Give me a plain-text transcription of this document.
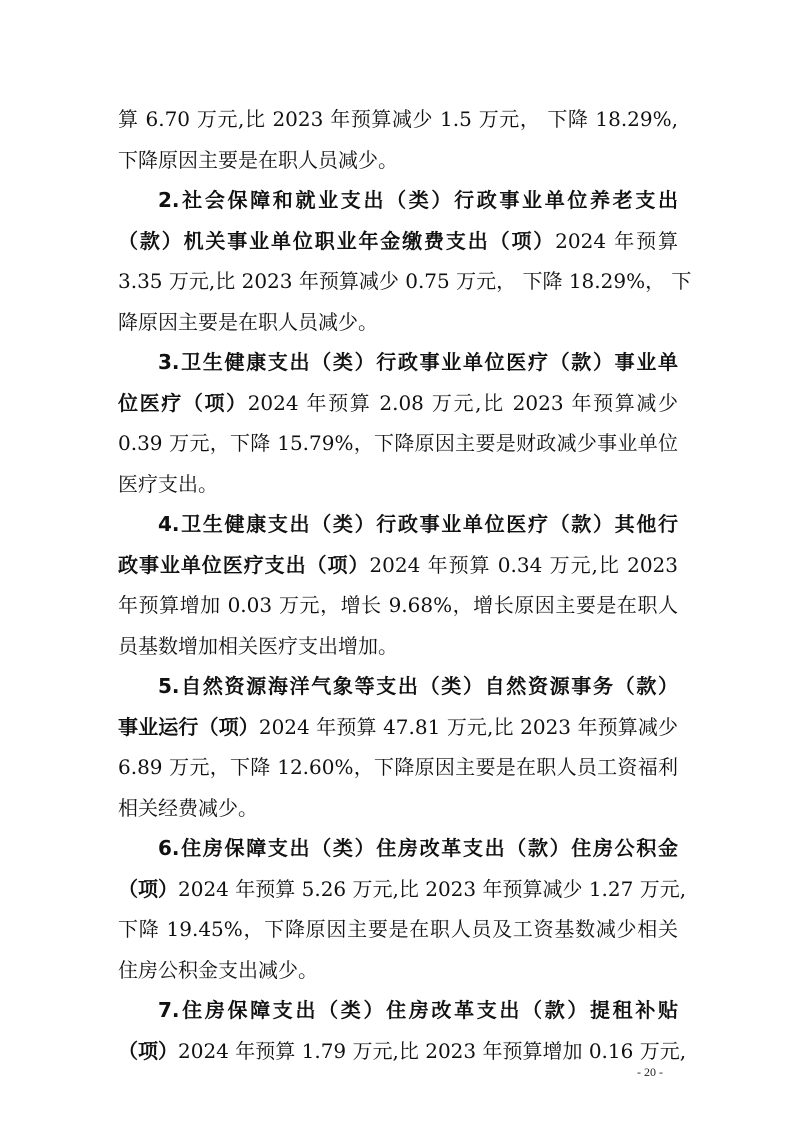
算 6.70 万元,比 2023 年预算减少 1.5 万元， 下降 18.29%,
下降原因主要是在职人员减少。
2.社会保障和就业支出（类）行政事业单位养老支出
（款）机关事业单位职业年金缴费支出（项）2024 年预算
3.35 万元,比 2023 年预算减少 0.75 万元， 下降 18.29%， 下
降原因主要是在职人员减少。
3.卫生健康支出（类）行政事业单位医疗（款）事业单
位医疗（项）2024 年预算 2.08 万元,比 2023 年预算减少
0.39 万元，下降 15.79%，下降原因主要是财政减少事业单位
医疗支出。
4.卫生健康支出（类）行政事业单位医疗（款）其他行
政事业单位医疗支出（项）2024 年预算 0.34 万元,比 2023
年预算增加 0.03 万元，增长 9.68%，增长原因主要是在职人
员基数增加相关医疗支出增加。
5.自然资源海洋气象等支出（类）自然资源事务（款）
事业运行（项）2024 年预算 47.81 万元,比 2023 年预算减少
6.89 万元，下降 12.60%，下降原因主要是在职人员工资福利
相关经费减少。
6.住房保障支出（类）住房改革支出（款）住房公积金
（项）2024 年预算 5.26 万元,比 2023 年预算减少 1.27 万元,
下降 19.45%，下降原因主要是在职人员及工资基数减少相关
住房公积金支出减少。
- 20 -
7.住房保障支出（类）住房改革支出（款）提租补贴
（项）2024 年预算 1.79 万元,比 2023 年预算增加 0.16 万元,
